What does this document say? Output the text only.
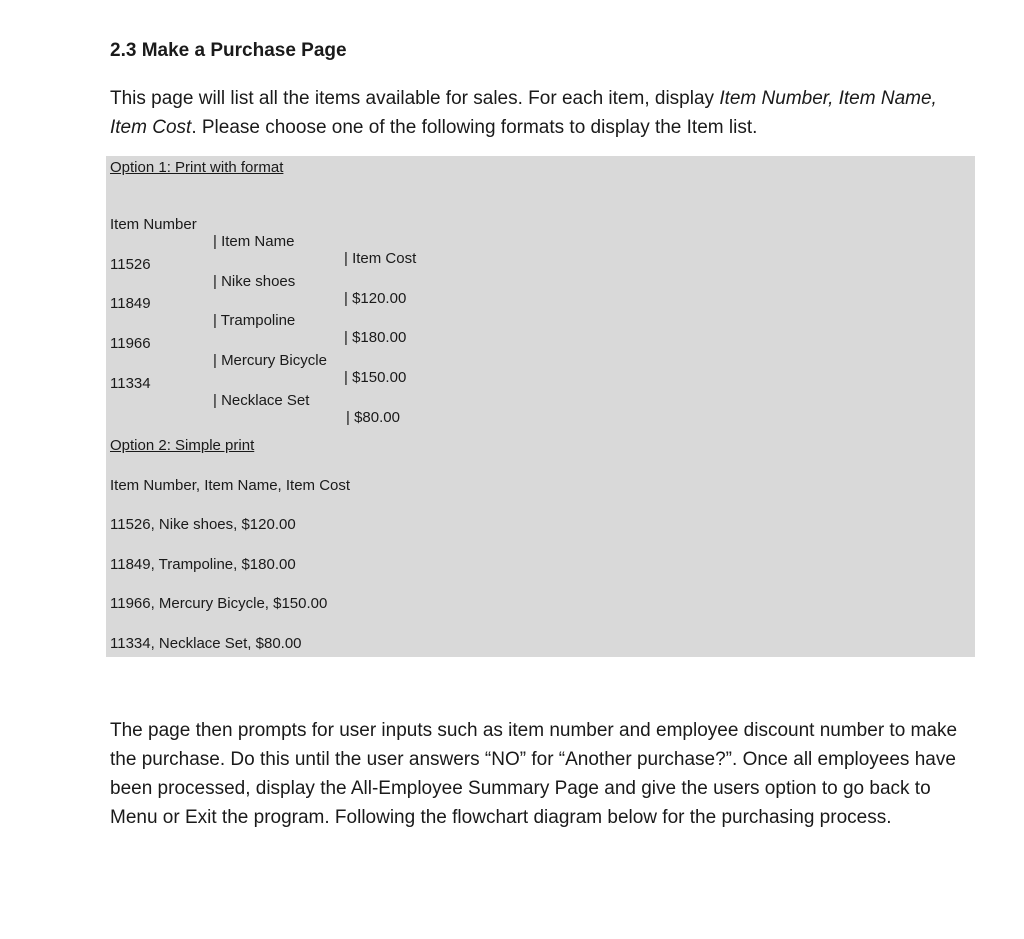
2.3 Make a Purchase Page
This page will list all the items available for sales. For each item, display Item Number, Item Name, Item Cost. Please choose one of the following formats to display the Item list.
Option 1: Print with format

Item Number

| Item Name

| Item Cost

11526

| Nike shoes

| $120.00

11849

| Trampoline

| $180.00

11966

| Mercury Bicycle

| $150.00

11334

| Necklace Set

| $80.00

Option 2: Simple print
Item Number, Item Name, Item Cost
11526, Nike shoes, $120.00
11849, Trampoline, $180.00
11966, Mercury Bicycle, $150.00
11334, Necklace Set, $80.00
The page then prompts for user inputs such as item number and employee discount number to make the purchase. Do this until the user answers “NO” for “Another purchase?”. Once all employees have been processed, display the All-Employee Summary Page and give the users option to go back to Menu or Exit the program. Following the flowchart diagram below for the purchasing process.
